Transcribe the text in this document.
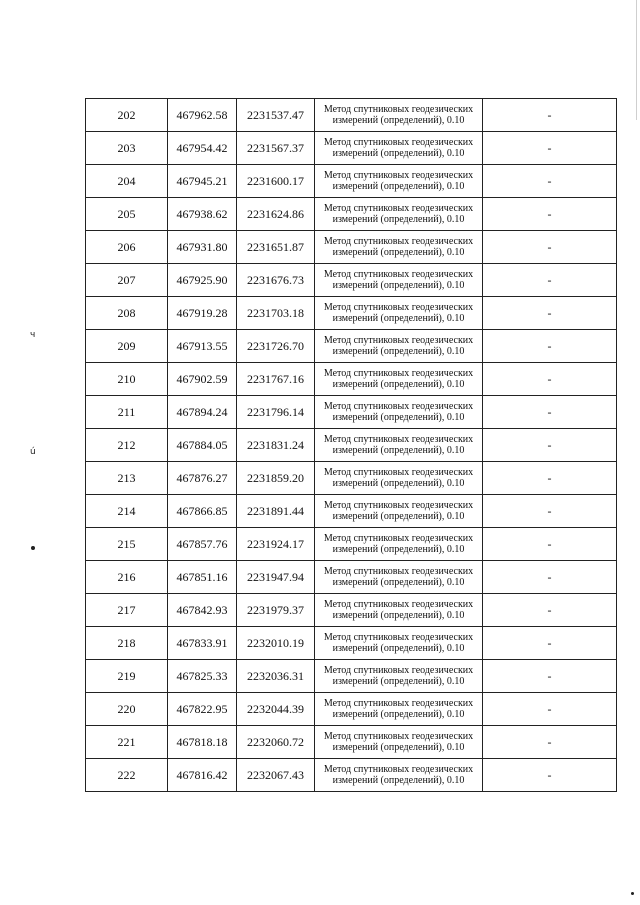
ч
ú
202	467962.58	2231537.47	Метод спутниковых геодезических
измерений (определений), 0.10	-
203	467954.42	2231567.37	Метод спутниковых геодезических
измерений (определений), 0.10	-
204	467945.21	2231600.17	Метод спутниковых геодезических
измерений (определений), 0.10	-
205	467938.62	2231624.86	Метод спутниковых геодезических
измерений (определений), 0.10	-
206	467931.80	2231651.87	Метод спутниковых геодезических
измерений (определений), 0.10	-
207	467925.90	2231676.73	Метод спутниковых геодезических
измерений (определений), 0.10	-
208	467919.28	2231703.18	Метод спутниковых геодезических
измерений (определений), 0.10	-
209	467913.55	2231726.70	Метод спутниковых геодезических
измерений (определений), 0.10	-
210	467902.59	2231767.16	Метод спутниковых геодезических
измерений (определений), 0.10	-
211	467894.24	2231796.14	Метод спутниковых геодезических
измерений (определений), 0.10	-
212	467884.05	2231831.24	Метод спутниковых геодезических
измерений (определений), 0.10	-
213	467876.27	2231859.20	Метод спутниковых геодезических
измерений (определений), 0.10	-
214	467866.85	2231891.44	Метод спутниковых геодезических
измерений (определений), 0.10	-
215	467857.76	2231924.17	Метод спутниковых геодезических
измерений (определений), 0.10	-
216	467851.16	2231947.94	Метод спутниковых геодезических
измерений (определений), 0.10	-
217	467842.93	2231979.37	Метод спутниковых геодезических
измерений (определений), 0.10	-
218	467833.91	2232010.19	Метод спутниковых геодезических
измерений (определений), 0.10	-
219	467825.33	2232036.31	Метод спутниковых геодезических
измерений (определений), 0.10	-
220	467822.95	2232044.39	Метод спутниковых геодезических
измерений (определений), 0.10	-
221	467818.18	2232060.72	Метод спутниковых геодезических
измерений (определений), 0.10	-
222	467816.42	2232067.43	Метод спутниковых геодезических
измерений (определений), 0.10	-
